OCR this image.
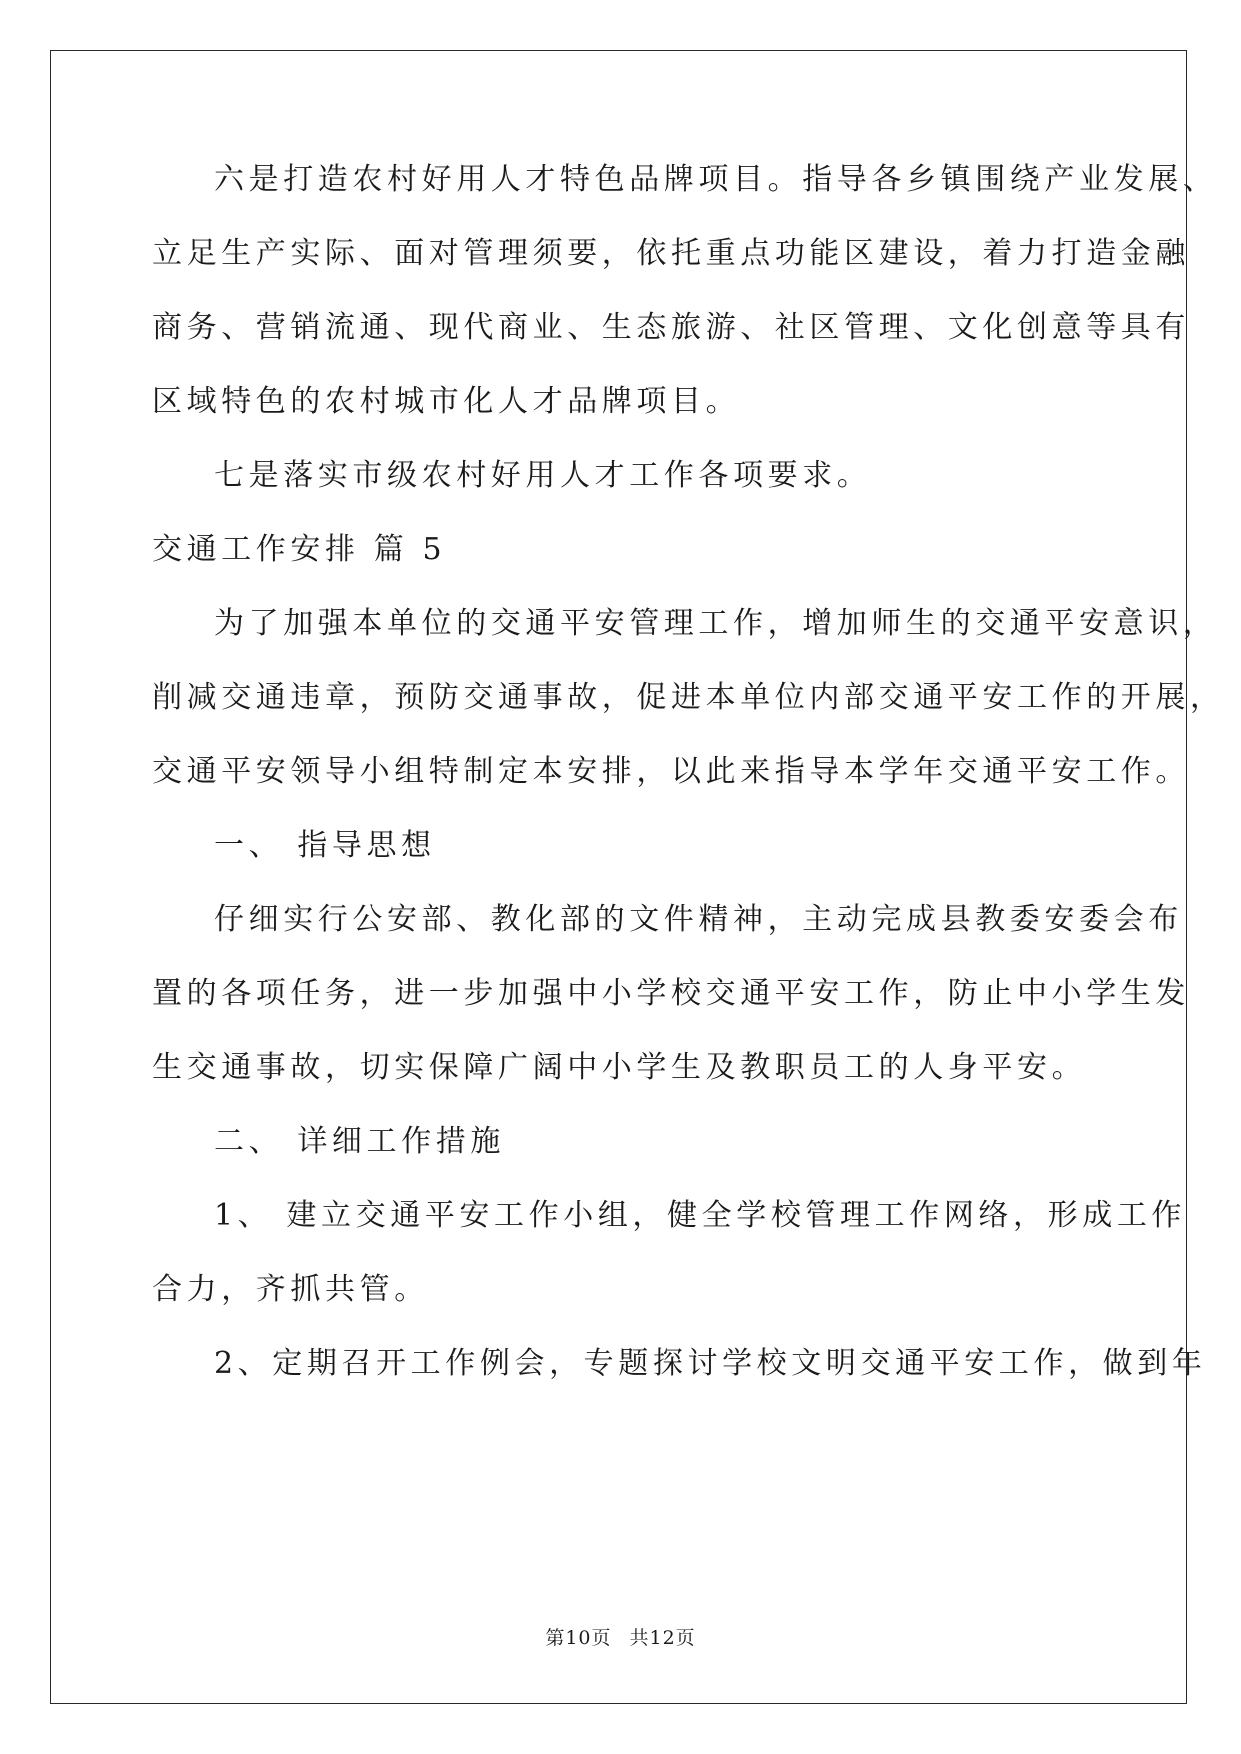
六是打造农村好用人才特色品牌项目。指导各乡镇围绕产业发展、
立足生产实际、面对管理须要，依托重点功能区建设，着力打造金融
商务、营销流通、现代商业、生态旅游、社区管理、文化创意等具有
区域特色的农村城市化人才品牌项目。
七是落实市级农村好用人才工作各项要求。
交通工作安排 篇 5
为了加强本单位的交通平安管理工作，增加师生的交通平安意识，
削减交通违章，预防交通事故，促进本单位内部交通平安工作的开展，
交通平安领导小组特制定本安排，以此来指导本学年交通平安工作。
一、 指导思想
仔细实行公安部、教化部的文件精神，主动完成县教委安委会布
置的各项任务，进一步加强中小学校交通平安工作，防止中小学生发
生交通事故，切实保障广阔中小学生及教职员工的人身平安。
二、 详细工作措施
1、 建立交通平安工作小组，健全学校管理工作网络，形成工作
合力，齐抓共管。
2、定期召开工作例会，专题探讨学校文明交通平安工作，做到年
第10页 共12页
